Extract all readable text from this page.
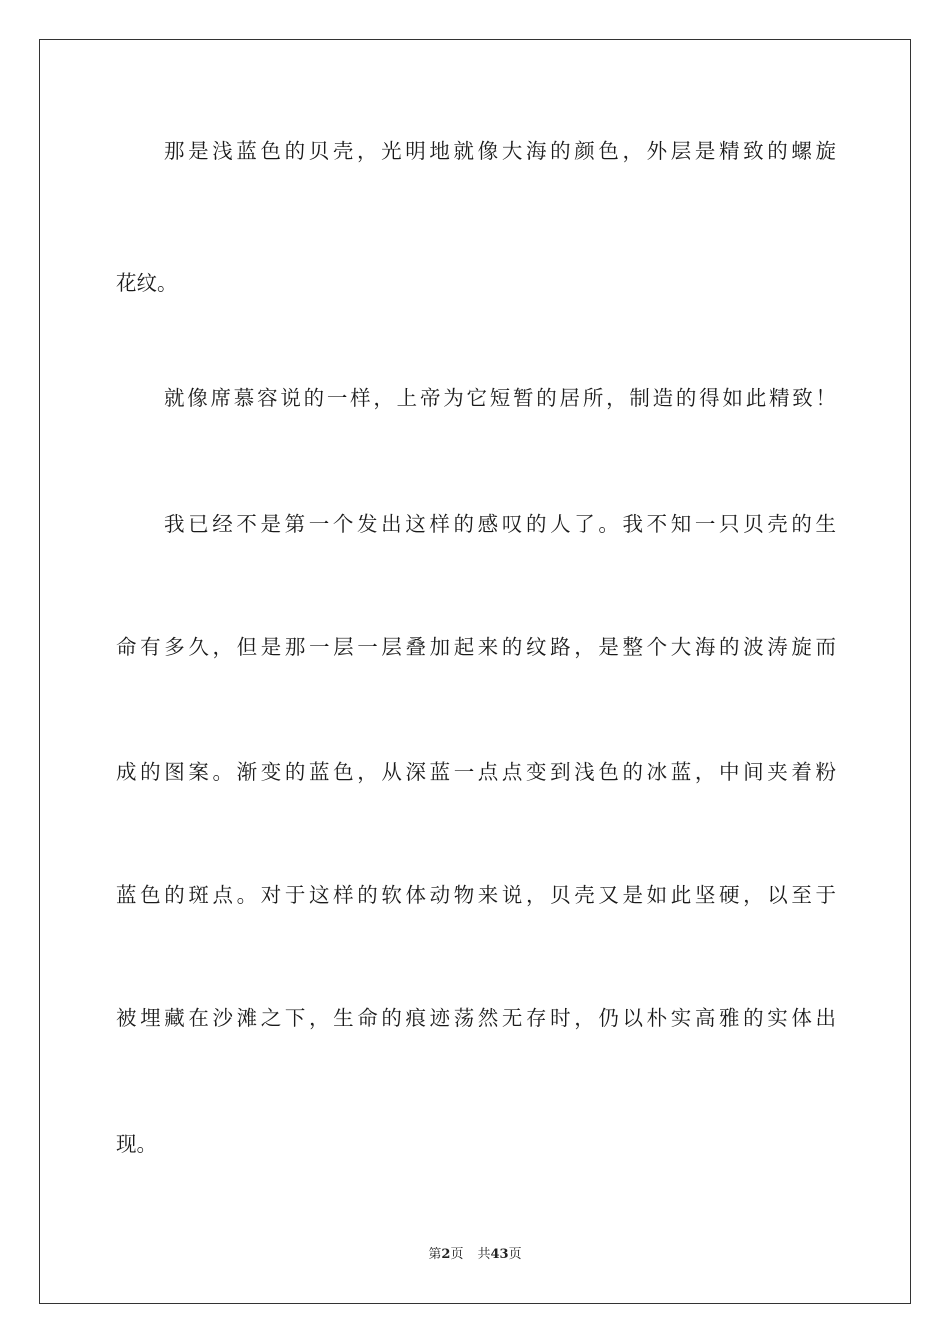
那是浅蓝色的贝壳，光明地就像大海的颜色，外层是精致的螺旋
花纹。
就像席慕容说的一样，上帝为它短暂的居所，制造的得如此精致！
我已经不是第一个发出这样的感叹的人了。我不知一只贝壳的生
命有多久，但是那一层一层叠加起来的纹路，是整个大海的波涛旋而
成的图案。渐变的蓝色，从深蓝一点点变到浅色的冰蓝，中间夹着粉
蓝色的斑点。对于这样的软体动物来说，贝壳又是如此坚硬，以至于
被埋藏在沙滩之下，生命的痕迹荡然无存时，仍以朴实高雅的实体出
现。
第2页 共43页
